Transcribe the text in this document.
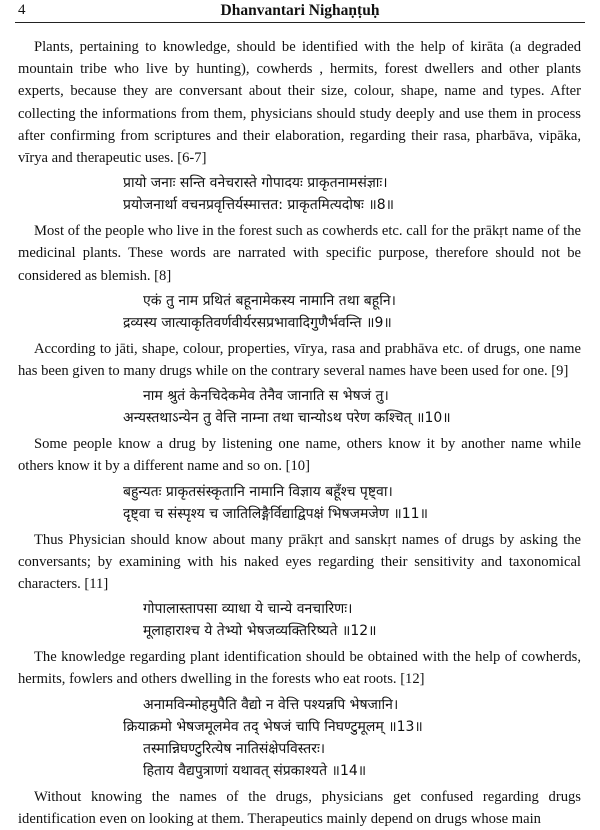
4	Dhanvantari Nighaṇṭuḥ

Plants, pertaining to knowledge, should be identified with the help of kirāta (a degraded mountain tribe who live by hunting), cowherds , hermits, forest dwellers and other plants experts, because they are conversant about their size, colour, shape, name and types. After collecting the informations from them, physicians should study deeply and use them in process after confirming from scriptures and their elaboration, regarding their rasa, pharbāva, vipāka, vīrya and therapeutic uses. [6-7]

प्रायो जनाः सन्ति वनेचरास्ते गोपादयः प्राकृतनामसंज्ञाः।
प्रयोजनार्था वचनप्रवृत्तिर्यस्मात्तत: प्राकृतमित्यदोषः ॥8॥

Most of the people who live in the forest such as cowherds etc. call for the prākṛt name of the medicinal plants. These words are narrated with specific purpose, therefore should not be considered as blemish. [8]

एकं तु नाम प्रथितं बहूनामेकस्य नामानि तथा बहूनि।
द्रव्यस्य जात्याकृतिवर्णवीर्यरसप्रभावादिगुणैर्भवन्ति ॥9॥

According to jāti, shape, colour, properties, vīrya, rasa and prabhāva etc. of drugs, one name has been given to many drugs while on the contrary several names have been used for one. [9]

नाम श्रुतं केनचिदेकमेव तेनैव जानाति स भेषजं तु।
अन्यस्तथाऽन्येन तु वेत्ति नाम्ना तथा चान्योऽथ परेण कश्चित् ॥10॥

Some people know a drug by listening one name, others know it by another name while others know it by a different name and so on. [10]

बहुन्यतः प्राकृतसंस्कृतानि नामानि विज्ञाय बहूँश्च पृष्ट्वा।
दृष्ट्वा च संस्पृश्य च जातिलिङ्गैर्विद्याद्विपक्षं भिषजमजेण ॥11॥

Thus Physician should know about many prākṛt and sanskṛt names of drugs by asking the conversants; by examining with his naked eyes regarding their sensitivity and taxonomical characters. [11]

गोपालास्तापसा व्याधा ये चान्ये वनचारिणः।
मूलाहाराश्च ये तेभ्यो भेषजव्यक्तिरिष्यते ॥12॥

The knowledge regarding plant identification should be obtained with the help of cowherds, hermits, fowlers and others dwelling in the forests who eat roots. [12]

अनामविन्मोहमुपैति वैद्यो न वेत्ति पश्यन्नपि भेषजानि।
क्रियाक्रमो भेषजमूलमेव तद् भेषजं चापि निघण्टुमूलम् ॥13॥
तस्मान्निघण्टुरित्येष नातिसंक्षेपविस्तरः।
हिताय वैद्यपुत्राणां यथावत् संप्रकाश्यते ॥14॥

Without knowing the names of the drugs, physicians get confused regarding drugs identification even on looking at them. Therapeutics mainly depend on drugs whose main
